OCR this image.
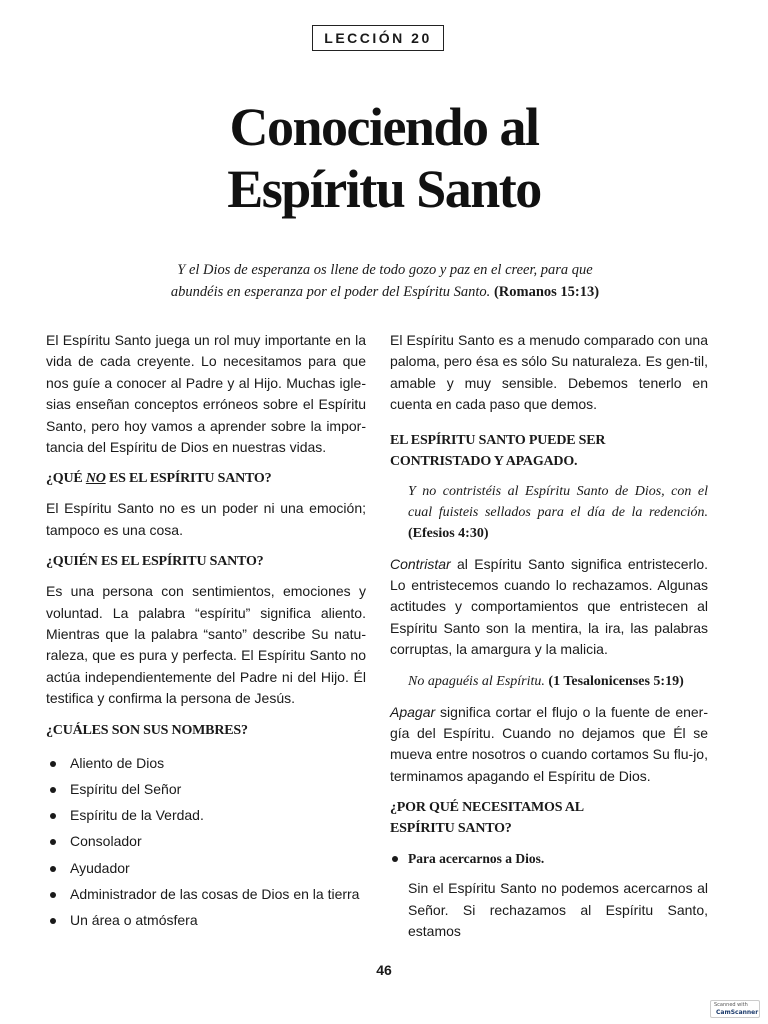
LECCIÓN 20
Conociendo al
Espíritu Santo
Y el Dios de esperanza os llene de todo gozo y paz en el creer, para que
abundéis en esperanza por el poder del Espíritu Santo. (Romanos 15:13)

El Espíritu Santo juega un rol muy importante en la vida de cada creyente. Lo necesitamos para que nos guíe a conocer al Padre y al Hijo. Muchas igle-sias enseñan conceptos erróneos sobre el Espíritu Santo, pero hoy vamos a aprender sobre la impor-tancia del Espíritu de Dios en nuestras vidas.

¿QUÉ NO ES EL ESPÍRITU SANTO?

El Espíritu Santo no es un poder ni una emoción; tampoco es una cosa.

¿QUIÉN ES EL ESPÍRITU SANTO?

Es una persona con sentimientos, emociones y voluntad. La palabra “espíritu” significa aliento. Mientras que la palabra “santo” describe Su natu-raleza, que es pura y perfecta. El Espíritu Santo no actúa independientemente del Padre ni del Hijo. Él testifica y confirma la persona de Jesús.

¿CUÁLES SON SUS NOMBRES?
Aliento de Dios
Espíritu del Señor
Espíritu de la Verdad.
Consolador
Ayudador
Administrador de las cosas de Dios en la tierra
Un área o atmósfera

El Espíritu Santo es a menudo comparado con una paloma, pero ésa es sólo Su naturaleza. Es gen-til, amable y muy sensible. Debemos tenerlo en cuenta en cada paso que demos.

EL ESPÍRITU SANTO PUEDE SER
CONTRISTADO Y APAGADO.

Y no contristéis al Espíritu Santo de Dios, con el cual fuisteis sellados para el día de la redención. (Efesios 4:30)

Contristar al Espíritu Santo significa entristecerlo. Lo entristecemos cuando lo rechazamos. Algunas actitudes y comportamientos que entristecen al Espíritu Santo son la mentira, la ira, las palabras corruptas, la amargura y la malicia.

No apaguéis al Espíritu. (1 Tesalonicenses 5:19)

Apagar significa cortar el flujo o la fuente de ener-gía del Espíritu. Cuando no dejamos que Él se mueva entre nosotros o cuando cortamos Su flu-jo, terminamos apagando el Espíritu de Dios.

¿POR QUÉ NECESITAMOS AL
ESPÍRITU SANTO?
Para acercarnos a Dios.

Sin el Espíritu Santo no podemos acercarnos al Señor. Si rechazamos al Espíritu Santo, estamos

46
Scanned with
CamScanner
